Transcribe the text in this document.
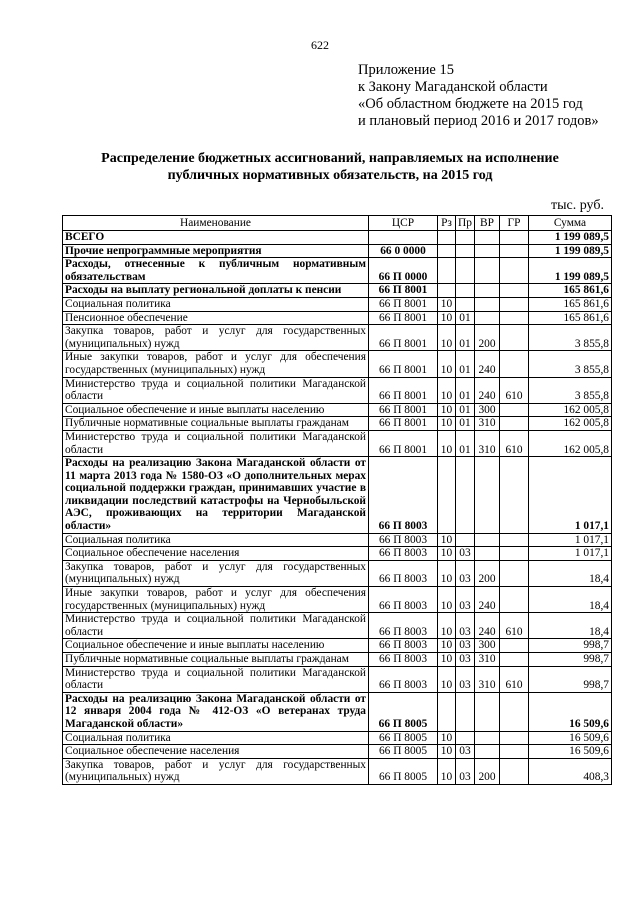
622
Приложение 15
к Закону Магаданской области
«Об областном бюджете на 2015 год
и плановый период 2016 и 2017 годов»
Распределение бюджетных ассигнований, направляемых на исполнение
публичных нормативных обязательств, на 2015 год
тыс. руб.
Наименование	ЦСР	Рз	Пр	ВР	ГР	Сумма
ВСЕГО						1 199 089,5
Прочие непрограммные мероприятия	66 0 0000					1 199 089,5
Расходы, отнесенные к публичным нормативным обязательствам	66 П 0000					1 199 089,5
Расходы на выплату региональной доплаты к пенсии	66 П 8001					165 861,6
Социальная политика	66 П 8001	10				165 861,6
Пенсионное обеспечение	66 П 8001	10	01			165 861,6
Закупка товаров, работ и услуг для государственных (муниципальных) нужд	66 П 8001	10	01	200		3 855,8
Иные закупки товаров, работ и услуг для обеспечения государственных (муниципальных) нужд	66 П 8001	10	01	240		3 855,8
Министерство труда и социальной политики Магаданской области	66 П 8001	10	01	240	610	3 855,8
Социальное обеспечение и иные выплаты населению	66 П 8001	10	01	300		162 005,8
Публичные нормативные социальные выплаты гражданам	66 П 8001	10	01	310		162 005,8
Министерство труда и социальной политики Магаданской области	66 П 8001	10	01	310	610	162 005,8
Расходы на реализацию Закона Магаданской области от 11 марта 2013 года № 1580-ОЗ «О дополнительных мерах социальной поддержки граждан, принимавших участие в ликвидации последствий катастрофы на Чернобыльской АЭС, проживающих на территории Магаданской области»	66 П 8003					1 017,1
Социальная политика	66 П 8003	10				1 017,1
Социальное обеспечение населения	66 П 8003	10	03			1 017,1
Закупка товаров, работ и услуг для государственных (муниципальных) нужд	66 П 8003	10	03	200		18,4
Иные закупки товаров, работ и услуг для обеспечения государственных (муниципальных) нужд	66 П 8003	10	03	240		18,4
Министерство труда и социальной политики Магаданской области	66 П 8003	10	03	240	610	18,4
Социальное обеспечение и иные выплаты населению	66 П 8003	10	03	300		998,7
Публичные нормативные социальные выплаты гражданам	66 П 8003	10	03	310		998,7
Министерство труда и социальной политики Магаданской области	66 П 8003	10	03	310	610	998,7
Расходы на реализацию Закона Магаданской области от 12 января 2004 года № 412-ОЗ «О ветеранах труда Магаданской области»	66 П 8005					16 509,6
Социальная политика	66 П 8005	10				16 509,6
Социальное обеспечение населения	66 П 8005	10	03			16 509,6
Закупка товаров, работ и услуг для государственных (муниципальных) нужд	66 П 8005	10	03	200		408,3
